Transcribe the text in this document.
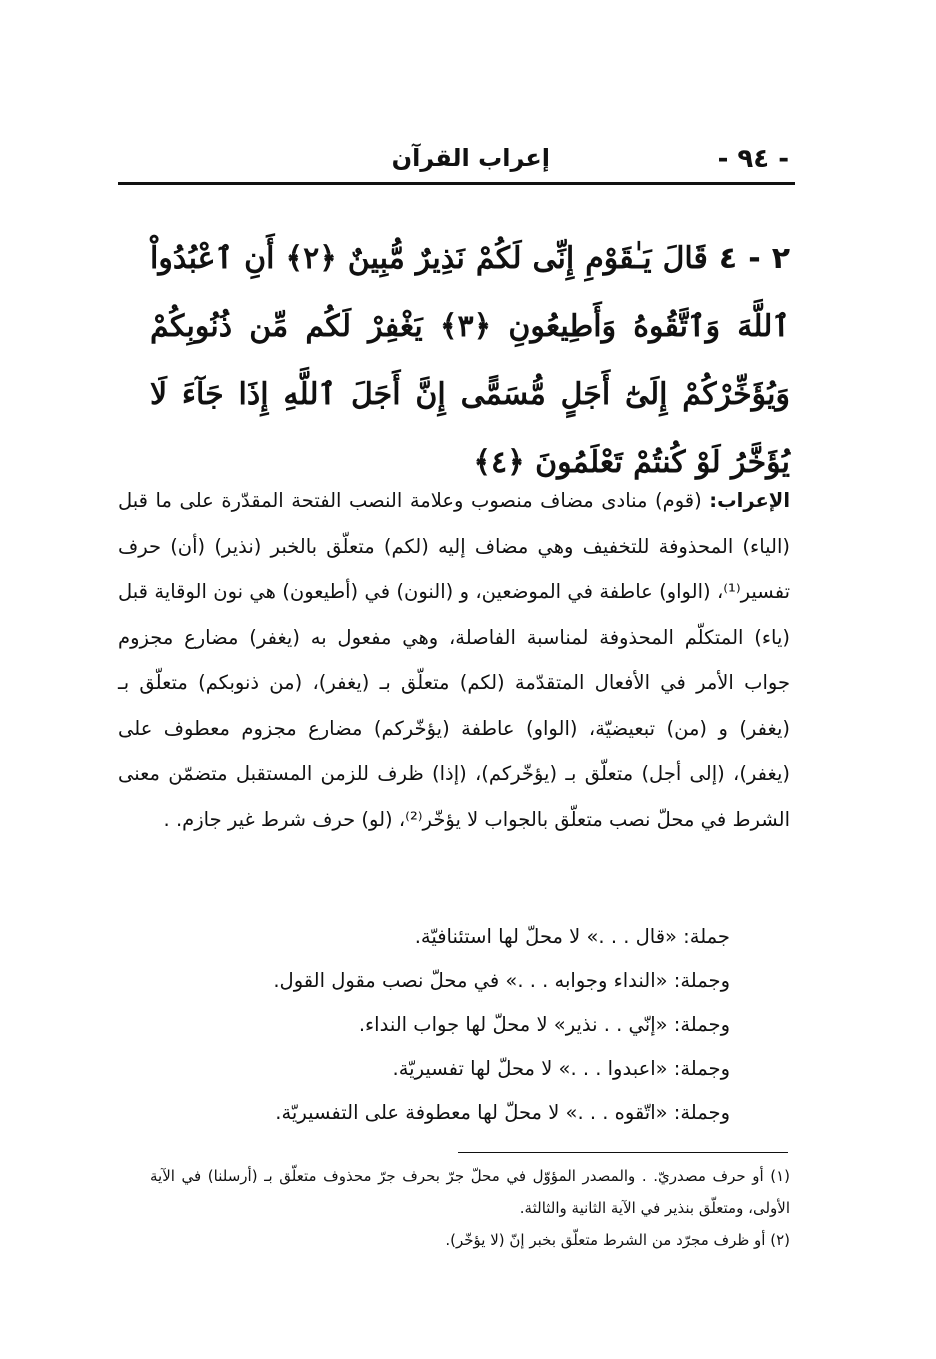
- ٩٤ -
إعراب القرآن
٢ - ٤ قَالَ يَـٰقَوْمِ إِنِّى لَكُمْ نَذِيرٌ مُّبِينٌ ﴿٢﴾ أَنِ ٱعْبُدُواْ ٱللَّهَ وَٱتَّقُوهُ وَأَطِيعُونِ ﴿٣﴾ يَغْفِرْ لَكُم مِّن ذُنُوبِكُمْ وَيُؤَخِّرْكُمْ إِلَىٰٓ أَجَلٍ مُّسَمًّى إِنَّ أَجَلَ ٱللَّهِ إِذَا جَآءَ لَا يُؤَخَّرُ لَوْ كُنتُمْ تَعْلَمُونَ ﴿٤﴾
الإعراب: (قوم) منادى مضاف منصوب وعلامة النصب الفتحة المقدّرة على ما قبل (الياء) المحذوفة للتخفيف وهي مضاف إليه (لكم) متعلّق بالخبر (نذير) (أن) حرف تفسير⁽¹⁾، (الواو) عاطفة في الموضعين، و (النون) في (أطيعون) هي نون الوقاية قبل (ياء) المتكلّم المحذوفة لمناسبة الفاصلة، وهي مفعول به (يغفر) مضارع مجزوم جواب الأمر في الأفعال المتقدّمة (لكم) متعلّق بـ (يغفر)، (من ذنوبكم) متعلّق بـ (يغفر) و (من) تبعيضيّة، (الواو) عاطفة (يؤخّركم) مضارع مجزوم معطوف على (يغفر)، (إلى أجل) متعلّق بـ (يؤخّركم)، (إذا) ظرف للزمن المستقبل متضمّن معنى الشرط في محلّ نصب متعلّق بالجواب لا يؤخّر⁽²⁾، (لو) حرف شرط غير جازم. .
جملة: «قال . . .» لا محلّ لها استئنافيّة.
وجملة: «النداء وجوابه . . .» في محلّ نصب مقول القول.
وجملة: «إنّي . . نذير» لا محلّ لها جواب النداء.
وجملة: «اعبدوا . . .» لا محلّ لها تفسيريّة.
وجملة: «اتّقوه . . .» لا محلّ لها معطوفة على التفسيريّة.
(١) أو حرف مصدريّ. . والمصدر المؤوّل في محلّ جرّ بحرف جرّ محذوف متعلّق بـ (أرسلنا) في الآية الأولى، ومتعلّق بنذير في الآية الثانية والثالثة.
(٢) أو ظرف مجرّد من الشرط متعلّق بخبر إنّ (لا يؤخّر).
